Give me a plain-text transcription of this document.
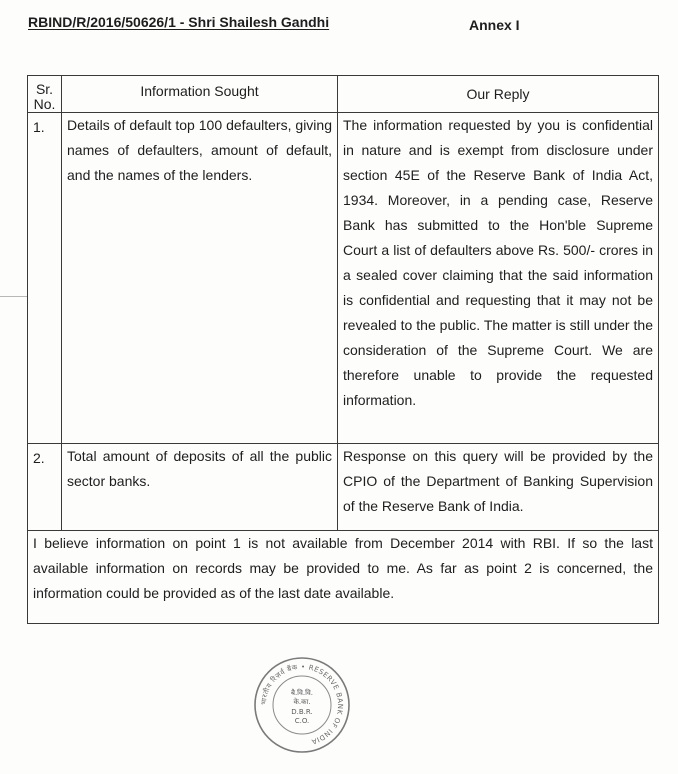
RBIND/R/2016/50626/1 - Shri Shailesh Gandhi	Annex I
Sr. No.	Information Sought	Our Reply
1.	Details of default top 100 defaulters, giving names of defaulters, amount of default, and the names of the lenders.	The information requested by you is confidential in nature and is exempt from disclosure under section 45E of the Reserve Bank of India Act, 1934. Moreover, in a pending case, Reserve Bank has submitted to the Hon'ble Supreme Court a list of defaulters above Rs. 500/- crores in a sealed cover claiming that the said information is confidential and requesting that it may not be revealed to the public. The matter is still under the consideration of the Supreme Court. We are therefore unable to provide the requested information.
2.	Total amount of deposits of all the public sector banks.	Response on this query will be provided by the CPIO of the Department of Banking Supervision of the Reserve Bank of India.
I believe information on point 1 is not available from December 2014 with RBI. If so the last available information on records may be provided to me. As far as point 2 is concerned, the information could be provided as of the last date available.		
भारतीय रिज़र्व बैंक • RESERVE BANK OF INDIA
बै.वि.वि.
के.का.
D.B.R.
C.O.
